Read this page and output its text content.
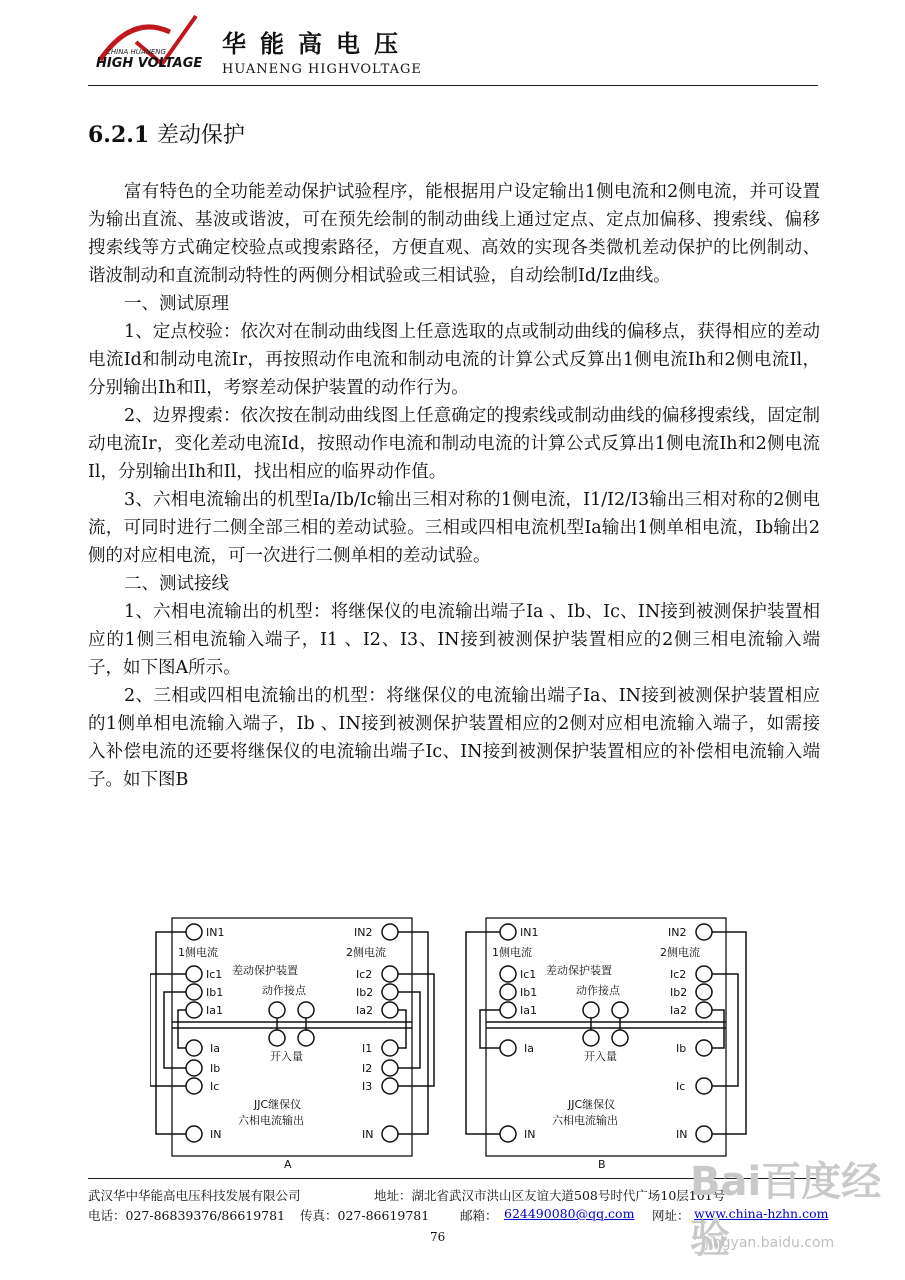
CHINA HUANENG
HIGH VOLTAGE
华能高电压
HUANENG HIGHVOLTAGE
6.2.1 差动保护

富有特色的全功能差动保护试验程序，能根据用户设定输出1侧电流和2侧电流，并可设置为输出直流、基波或谐波，可在预先绘制的制动曲线上通过定点、定点加偏移、搜索线、偏移搜索线等方式确定校验点或搜索路径，方便直观、高效的实现各类微机差动保护的比例制动、谐波制动和直流制动特性的两侧分相试验或三相试验，自动绘制Id/Iz曲线。

一、测试原理

1、定点校验：依次对在制动曲线图上任意选取的点或制动曲线的偏移点，获得相应的差动电流Id和制动电流Ir，再按照动作电流和制动电流的计算公式反算出1侧电流Ih和2侧电流Il，分别输出Ih和Il，考察差动保护装置的动作行为。

2、边界搜索：依次按在制动曲线图上任意确定的搜索线或制动曲线的偏移搜索线，固定制动电流Ir，变化差动电流Id，按照动作电流和制动电流的计算公式反算出1侧电流Ih和2侧电流Il，分别输出Ih和Il，找出相应的临界动作值。

3、六相电流输出的机型Ia/Ib/Ic输出三相对称的1侧电流，I1/I2/I3输出三相对称的2侧电流，可同时进行二侧全部三相的差动试验。三相或四相电流机型Ia输出1侧单相电流，Ib输出2侧的对应相电流，可一次进行二侧单相的差动试验。

二、测试接线

1、六相电流输出的机型：将继保仪的电流输出端子Ia 、Ib、Ic、IN接到被测保护装置相应的1侧三相电流输入端子，I1 、I2、I3、IN接到被测保护装置相应的2侧三相电流输入端子，如下图A所示。

2、三相或四相电流输出的机型：将继保仪的电流输出端子Ia、IN接到被测保护装置相应的1侧单相电流输入端子，Ib 、IN接到被测保护装置相应的2侧对应相电流输入端子，如需接入补偿电流的还要将继保仪的电流输出端子Ic、IN接到被测保护装置相应的补偿相电流输入端子。如下图B

IN1	IN2
1侧电流	2侧电流
差动保护装置
Ic1
Ib1
Ia1
Ic2
Ib2
Ia2
动作接点
开入量
Ia
Ib
Ic
I1
I2
I3
JJC继保仪
六相电流输出
IN	IN
A
IN1	IN2
1侧电流	2侧电流
差动保护装置
Ic1
Ib1
Ia1
Ic2
Ib2
Ia2
动作接点
开入量
Ia	Ib
Ic
JJC继保仪
六相电流输出
IN	IN
B
武汉华中华能高电压科技发展有限公司	地址：湖北省武汉市洪山区友谊大道508号时代广场10层101号
电话：027-86839376/86619781 传真：027-86619781 邮箱： 624490080@qq.com 网址： www.china-hzhn.com
76
Bai百度经验
jingyan.baidu.com
